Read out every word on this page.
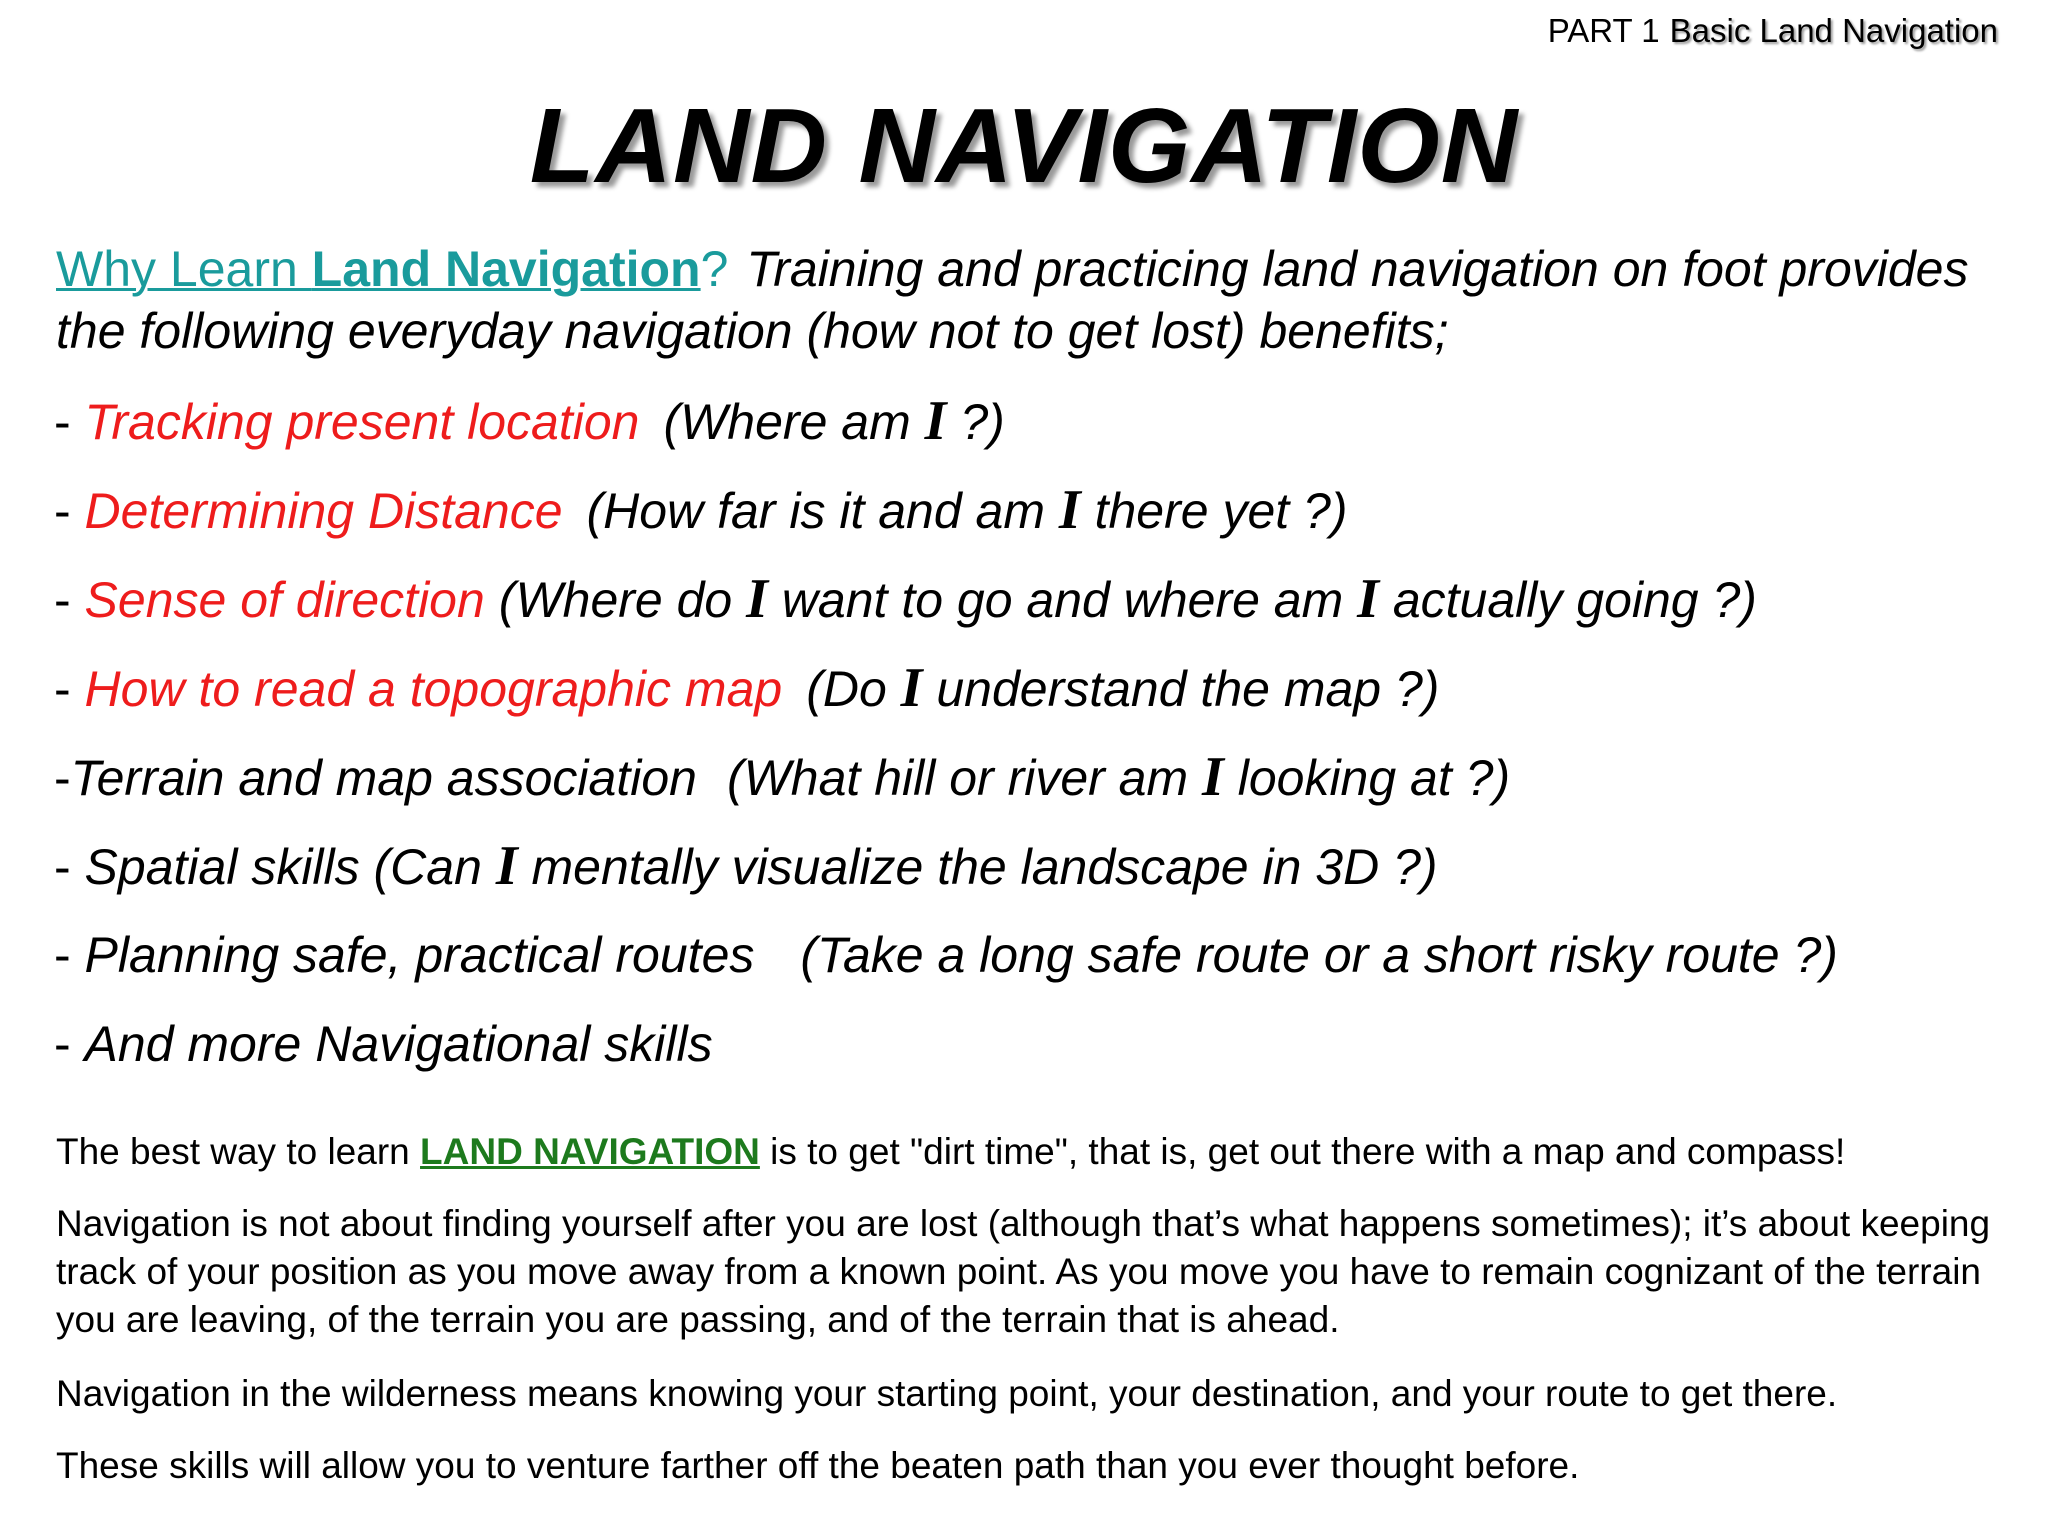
PART 1 Basic Land Navigation
LAND NAVIGATION
Why Learn Land Navigation? Training and practicing land navigation on foot provides the following everyday navigation (how not to get lost) benefits;
- Tracking present location (Where am I ?)
- Determining Distance (How far is it and am I there yet ?)
- Sense of direction (Where do I want to go and where am I actually going ?)
- How to read a topographic map (Do I understand the map ?)
-Terrain and map association (What hill or river am I looking at ?)
- Spatial skills (Can I mentally visualize the landscape in 3D ?)
- Planning safe, practical routes (Take a long safe route or a short risky route ?)
- And more Navigational skills
The best way to learn LAND NAVIGATION is to get "dirt time", that is, get out there with a map and compass!
Navigation is not about finding yourself after you are lost (although that’s what happens sometimes); it’s about keeping track of your position as you move away from a known point. As you move you have to remain cognizant of the terrain you are leaving, of the terrain you are passing, and of the terrain that is ahead.
Navigation in the wilderness means knowing your starting point, your destination, and your route to get there.
These skills will allow you to venture farther off the beaten path than you ever thought before.
